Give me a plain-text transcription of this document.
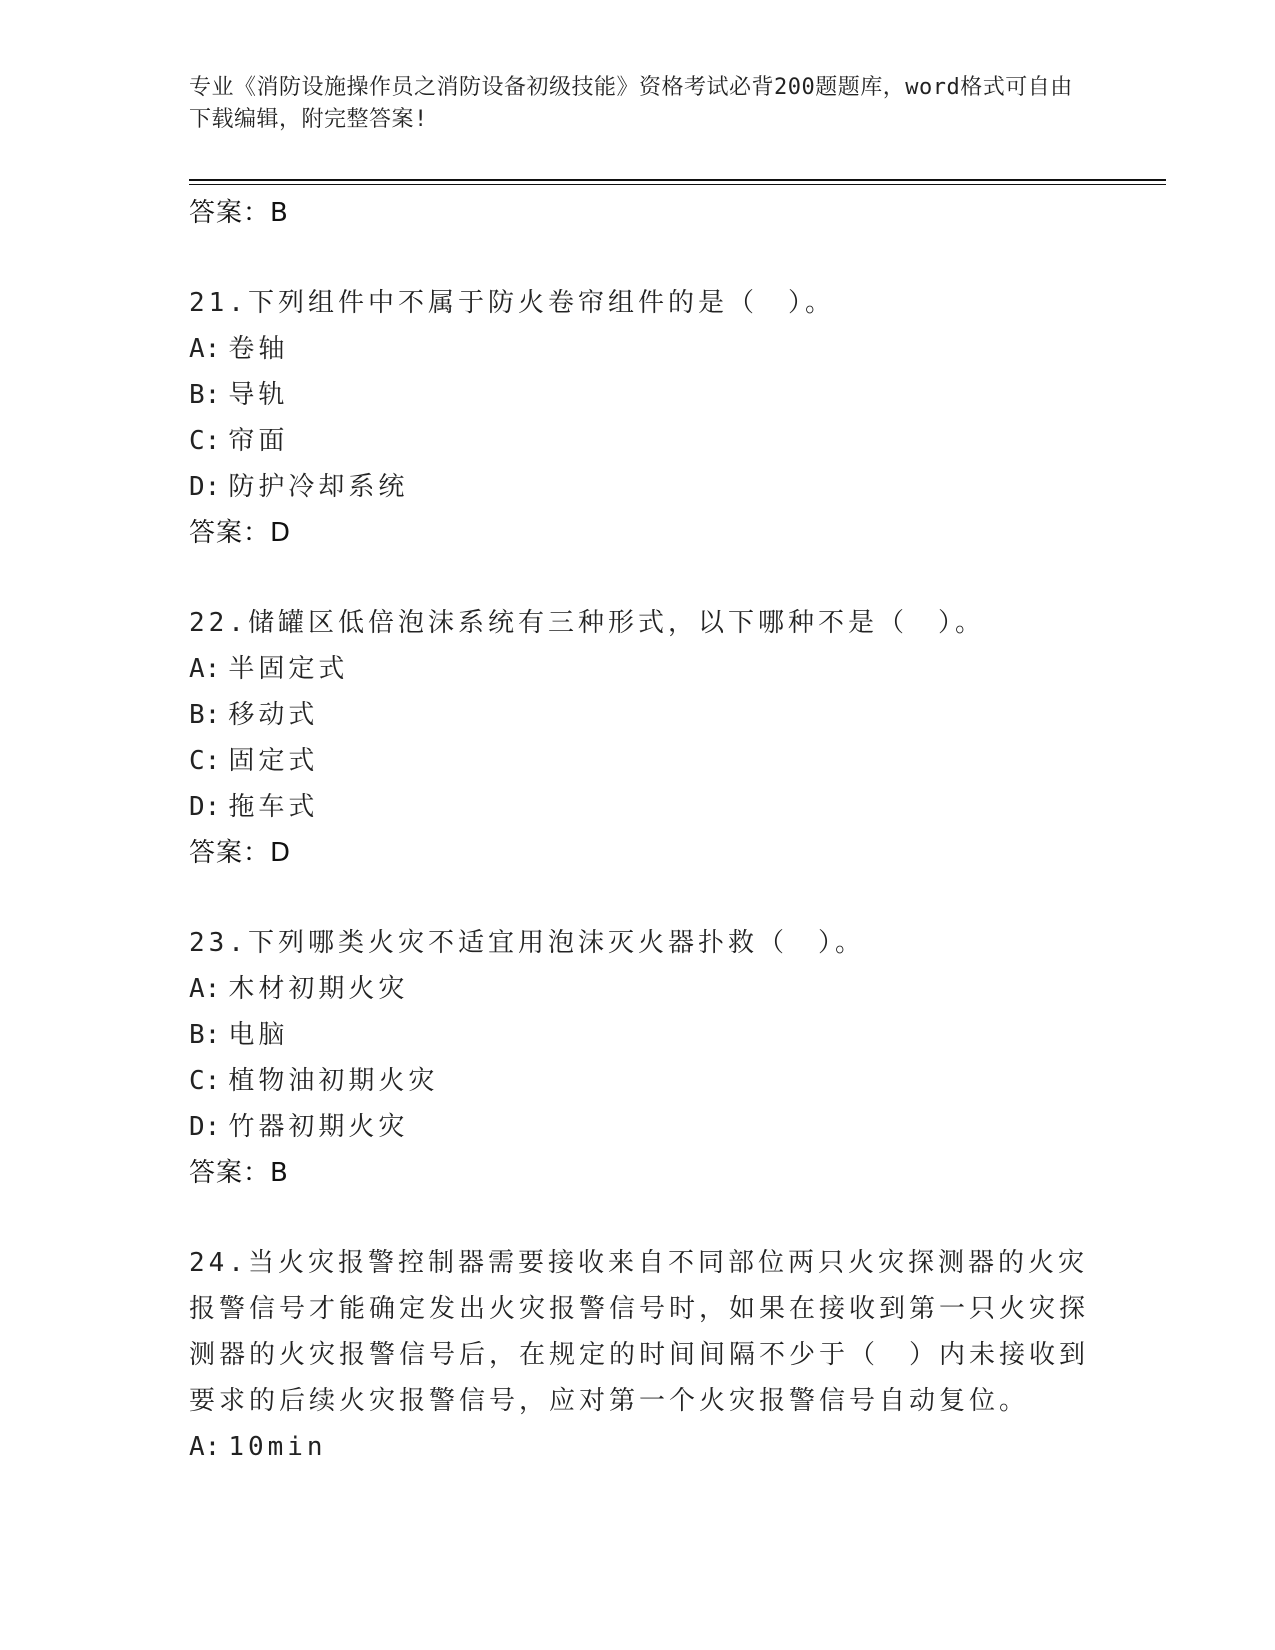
专业《消防设施操作员之消防设备初级技能》资格考试必背200题题库，word格式可自由下载编辑，附完整答案!
答案：B
21.下列组件中不属于防火卷帘组件的是（　）。
A: 卷轴
B: 导轨
C: 帘面
D: 防护冷却系统
答案：D
22.储罐区低倍泡沫系统有三种形式，以下哪种不是（　）。
A: 半固定式
B: 移动式
C: 固定式
D: 拖车式
答案：D
23.下列哪类火灾不适宜用泡沫灭火器扑救（　）。
A: 木材初期火灾
B: 电脑
C: 植物油初期火灾
D: 竹器初期火灾
答案：B
24.当火灾报警控制器需要接收来自不同部位两只火灾探测器的火灾报警信号才能确定发出火灾报警信号时，如果在接收到第一只火灾探测器的火灾报警信号后，在规定的时间间隔不少于（　）内未接收到要求的后续火灾报警信号，应对第一个火灾报警信号自动复位。
A: 10min
